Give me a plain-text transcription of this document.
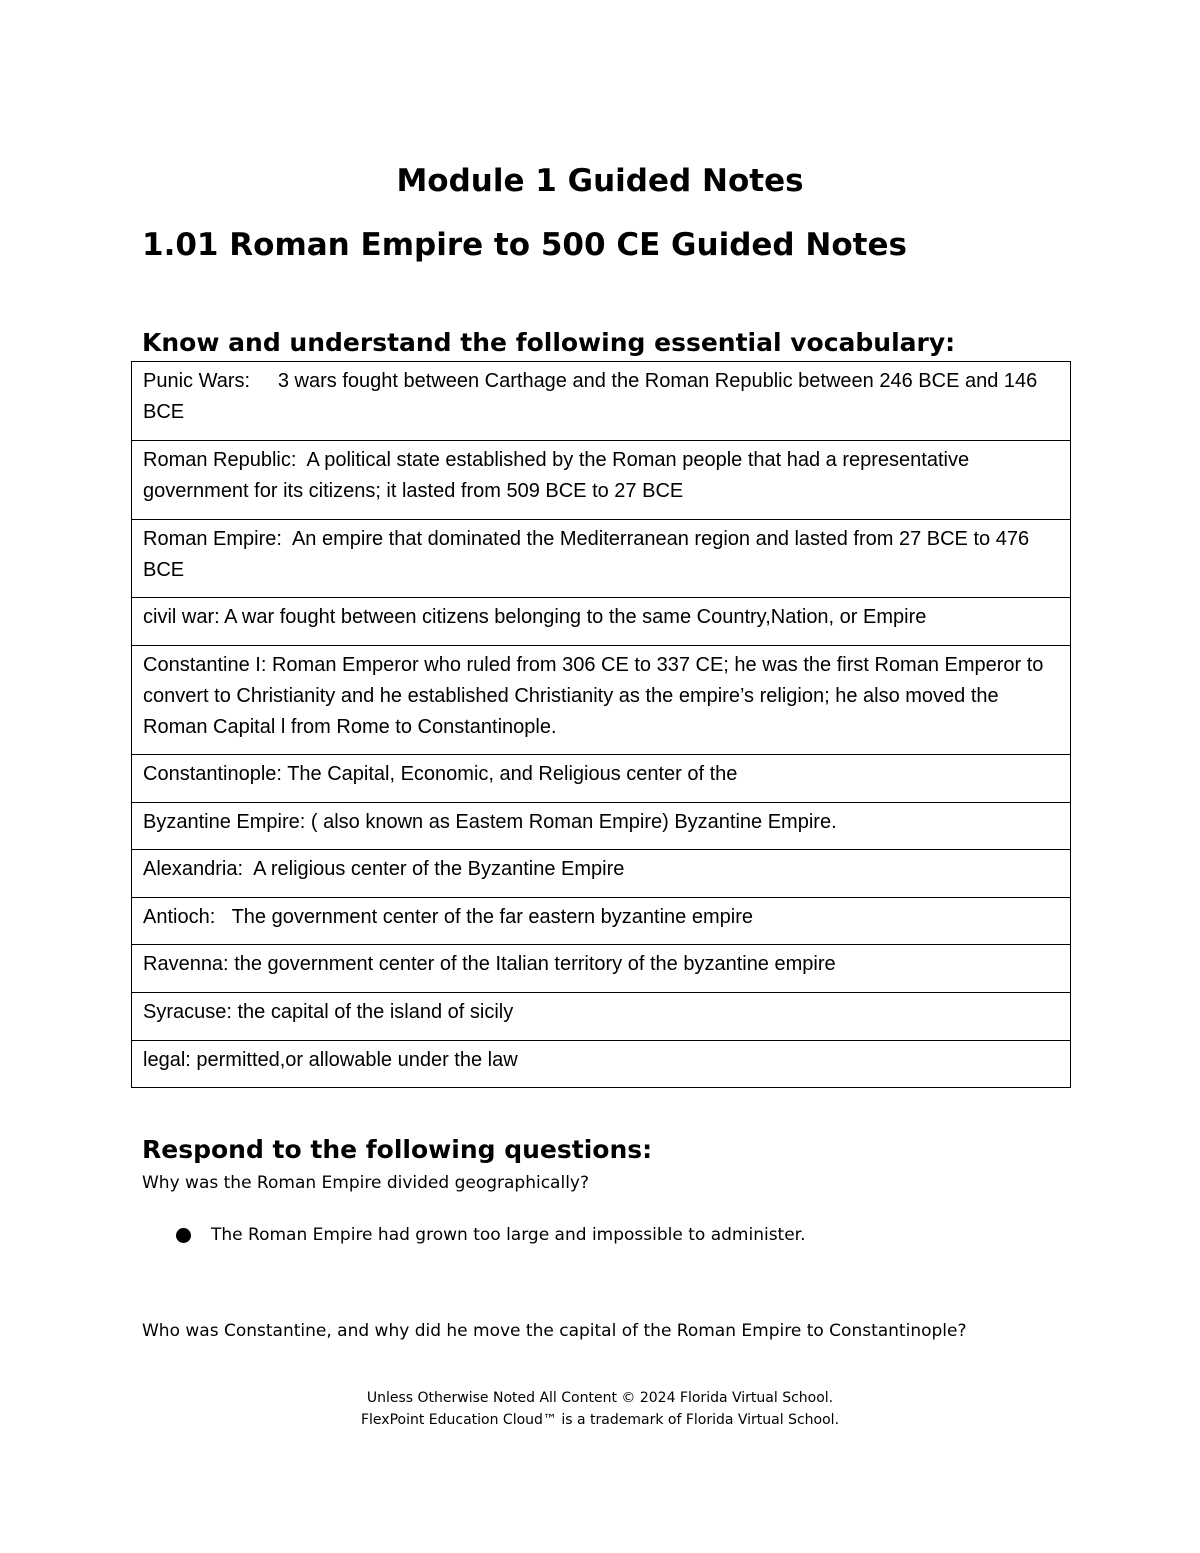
Module 1 Guided Notes
1.01 Roman Empire to 500 CE Guided Notes
Know and understand the following essential vocabulary:
Punic Wars: 3 wars fought between Carthage and the Roman Republic between 246 BCE and 146 BCE
Roman Republic: A political state established by the Roman people that had a representative government for its citizens; it lasted from 509 BCE to 27 BCE
Roman Empire: An empire that dominated the Mediterranean region and lasted from 27 BCE to 476 BCE
civil war: A war fought between citizens belonging to the same Country,Nation, or Empire
Constantine I: Roman Emperor who ruled from 306 CE to 337 CE; he was the first Roman Emperor to convert to Christianity and he established Christianity as the empire’s religion; he also moved the Roman Capital l from Rome to Constantinople.
Constantinople: The Capital, Economic, and Religious center of the
Byzantine Empire: ( also known as Eastem Roman Empire) Byzantine Empire.
Alexandria: A religious center of the Byzantine Empire
Antioch: The government center of the far eastern byzantine empire
Ravenna: the government center of the Italian territory of the byzantine empire
Syracuse: the capital of the island of sicily
legal: permitted,or allowable under the law
Respond to the following questions:

Why was the Roman Empire divided geographically?

The Roman Empire had grown too large and impossible to administer.

Who was Constantine, and why did he move the capital of the Roman Empire to Constantinople?

Unless Otherwise Noted All Content © 2024 Florida Virtual School.
FlexPoint Education Cloud™ is a trademark of Florida Virtual School.
